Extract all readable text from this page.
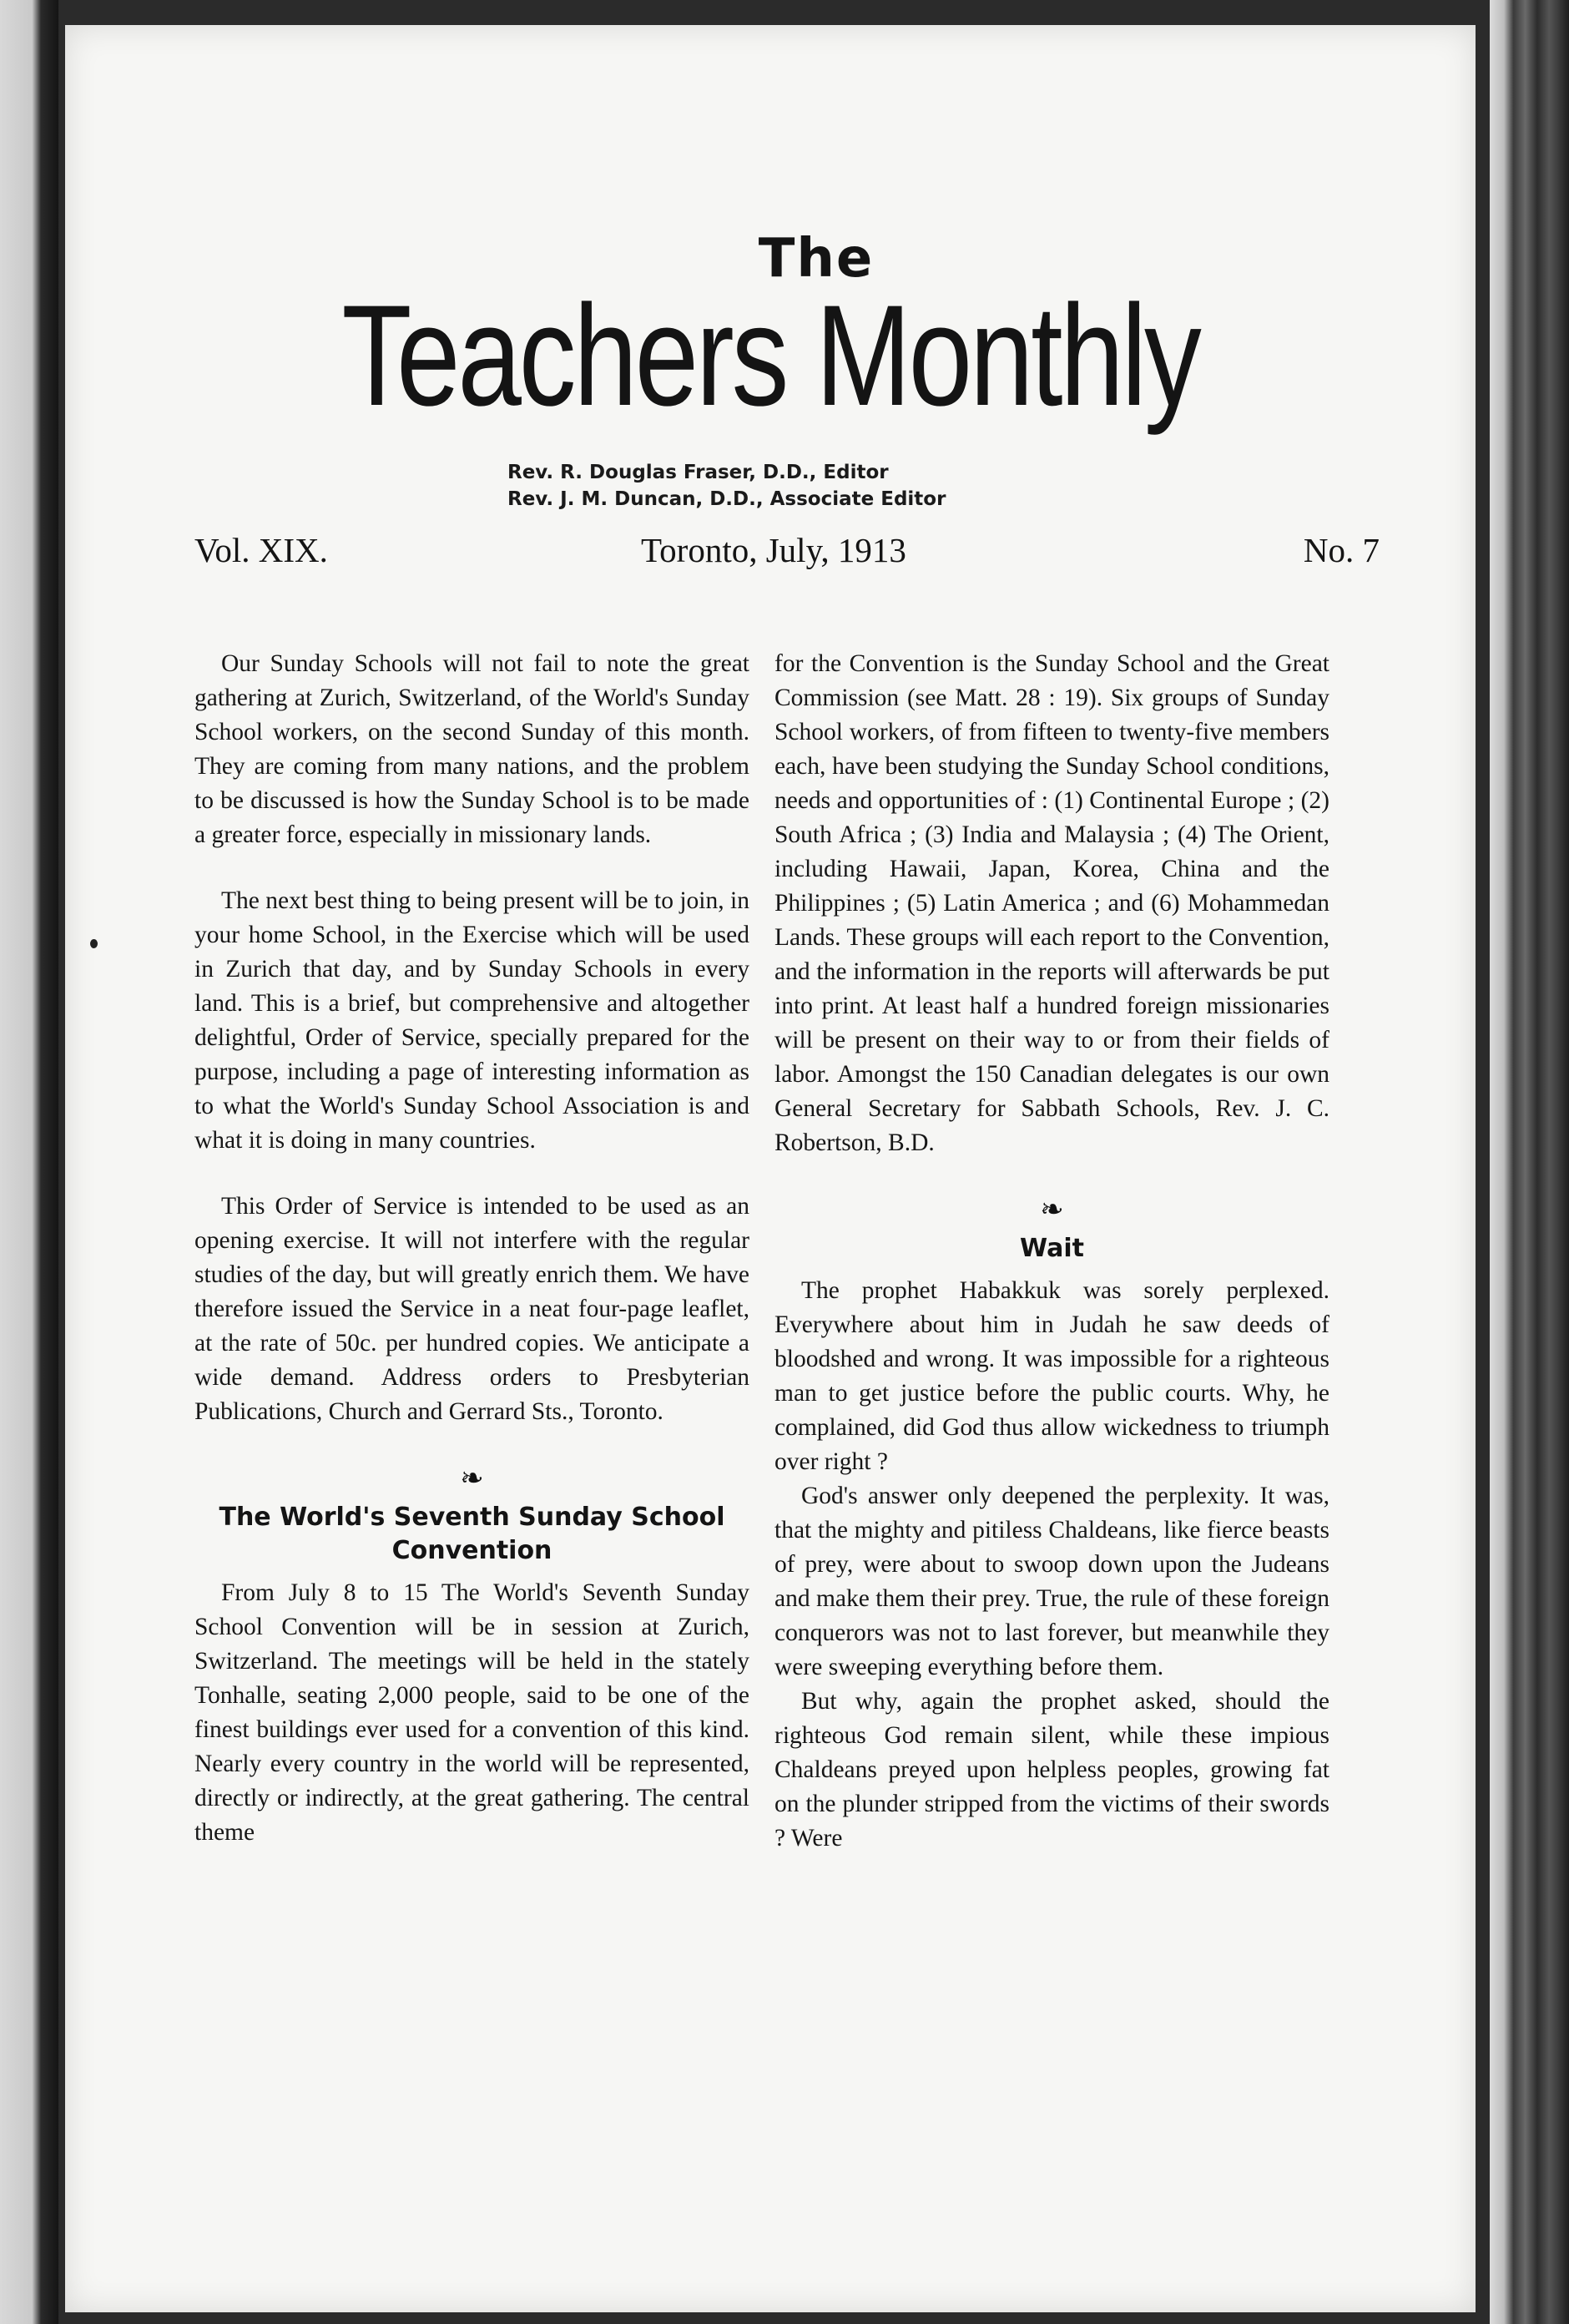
The
Teachers Monthly
Rev. R. Douglas Fraser, D.D., Editor
Rev. J. M. Duncan, D.D., Associate Editor
Vol. XIX.	Toronto, July, 1913	No. 7

Our Sunday Schools will not fail to note the great gathering at Zurich, Switzerland, of the World's Sunday School workers, on the second Sunday of this month. They are coming from many nations, and the problem to be discussed is how the Sunday School is to be made a greater force, especially in missionary lands.

The next best thing to being present will be to join, in your home School, in the Exercise which will be used in Zurich that day, and by Sunday Schools in every land. This is a brief, but comprehensive and altogether delightful, Order of Service, specially prepared for the purpose, including a page of interesting information as to what the World's Sunday School Association is and what it is doing in many countries.

This Order of Service is intended to be used as an opening exercise. It will not interfere with the regular studies of the day, but will greatly enrich them. We have therefore issued the Service in a neat four-page leaflet, at the rate of 50c. per hundred copies. We anticipate a wide demand. Address orders to Presbyterian Publications, Church and Gerrard Sts., Toronto.

❧
The World's Seventh Sunday School Convention

From July 8 to 15 The World's Seventh Sunday School Convention will be in session at Zurich, Switzerland. The meetings will be held in the stately Tonhalle, seating 2,000 people, said to be one of the finest buildings ever used for a convention of this kind. Nearly every country in the world will be represented, directly or indirectly, at the great gathering. The central theme

for the Convention is the Sunday School and the Great Commission (see Matt. 28 : 19). Six groups of Sunday School workers, of from fifteen to twenty-five members each, have been studying the Sunday School conditions, needs and opportunities of : (1) Continental Europe ; (2) South Africa ; (3) India and Malaysia ; (4) The Orient, including Hawaii, Japan, Korea, China and the Philippines ; (5) Latin America ; and (6) Mohammedan Lands. These groups will each report to the Convention, and the information in the reports will afterwards be put into print. At least half a hundred foreign missionaries will be present on their way to or from their fields of labor. Amongst the 150 Canadian delegates is our own General Secretary for Sabbath Schools, Rev. J. C. Robertson, B.D.

❧
Wait

The prophet Habakkuk was sorely perplexed. Everywhere about him in Judah he saw deeds of bloodshed and wrong. It was impossible for a righteous man to get justice before the public courts. Why, he complained, did God thus allow wickedness to triumph over right ?

God's answer only deepened the perplexity. It was, that the mighty and pitiless Chaldeans, like fierce beasts of prey, were about to swoop down upon the Judeans and make them their prey. True, the rule of these foreign conquerors was not to last forever, but meanwhile they were sweeping everything before them.

But why, again the prophet asked, should the righteous God remain silent, while these impious Chaldeans preyed upon helpless peoples, growing fat on the plunder stripped from the victims of their swords ? Were
